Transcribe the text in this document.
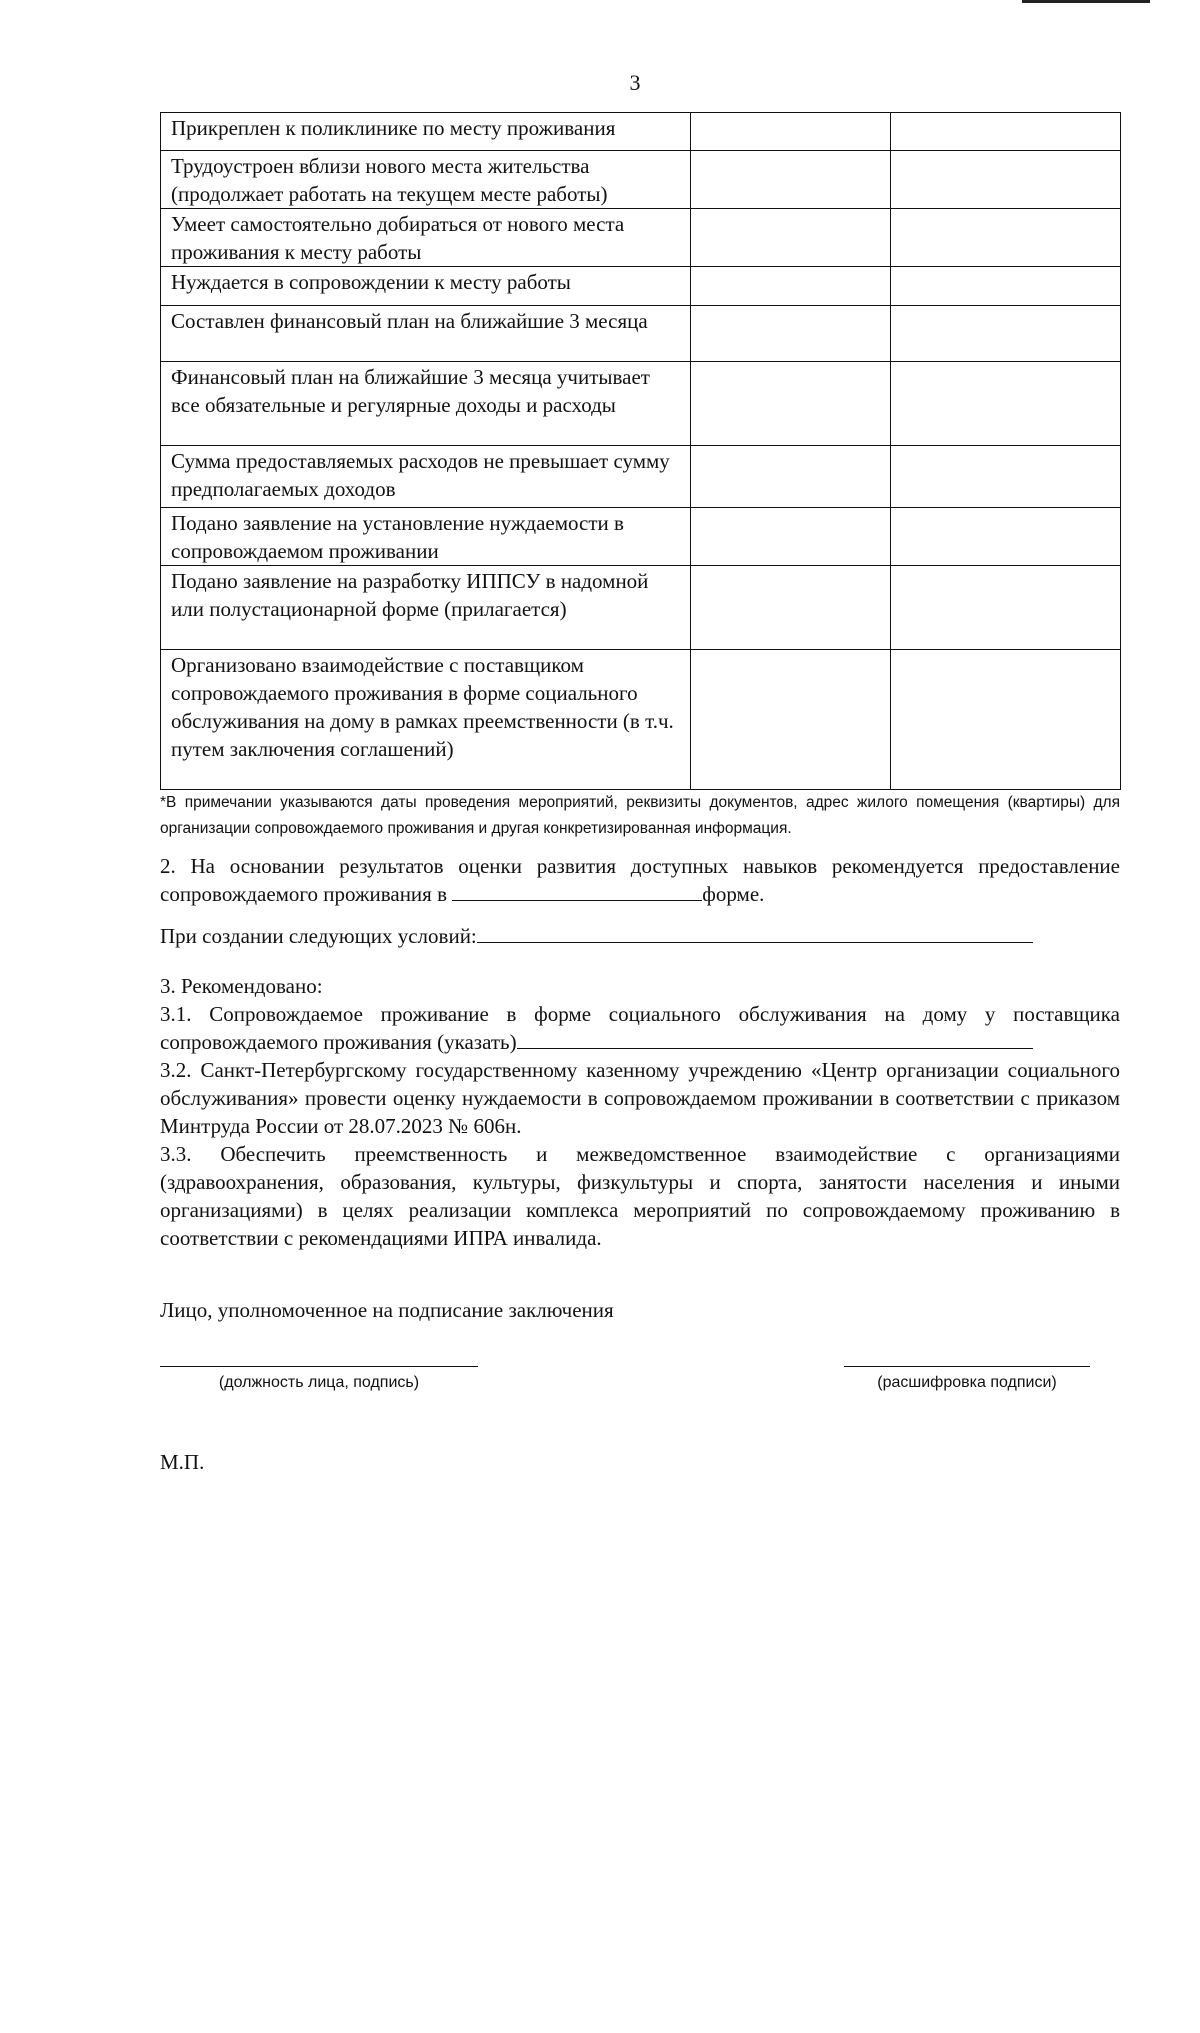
3
Прикреплен к поликлинике по месту проживания		
Трудоустроен вблизи нового места жительства (продолжает работать на текущем месте работы)		
Умеет самостоятельно добираться от нового места проживания к месту работы		
Нуждается в сопровождении к месту работы		
Составлен финансовый план на ближайшие 3 месяца		
Финансовый план на ближайшие 3 месяца учитывает все обязательные и регулярные доходы и расходы		
Сумма предоставляемых расходов не превышает сумму предполагаемых доходов		
Подано заявление на установление нуждаемости в сопровождаемом проживании		
Подано заявление на разработку ИППСУ в надомной или полустационарной форме (прилагается)		
Организовано взаимодействие с поставщиком сопровождаемого проживания в форме социального обслуживания на дому в рамках преемственности (в т.ч. путем заключения соглашений)		
*В примечании указываются даты проведения мероприятий, реквизиты документов, адрес жилого помещения (квартиры) для организации сопровождаемого проживания и другая конкретизированная информация.
2. На основании результатов оценки развития доступных навыков рекомендуется предоставление сопровождаемого проживания в	форме.
При создании следующих условий:
3. Рекомендовано:
3.1. Сопровождаемое проживание в форме социального обслуживания на дому у поставщика сопровождаемого проживания (указать)
3.2. Санкт-Петербургскому государственному казенному учреждению «Центр организации социального обслуживания» провести оценку нуждаемости в сопровождаемом проживании в соответствии с приказом Минтруда России от 28.07.2023 № 606н.
3.3. Обеспечить преемственность и межведомственное взаимодействие с организациями (здравоохранения, образования, культуры, физкультуры и спорта, занятости населения и иными организациями) в целях реализации комплекса мероприятий по сопровождаемому проживанию в соответствии с рекомендациями ИПРА инвалида.
Лицо, уполномоченное на подписание заключения
(должность лица, подпись)	(расшифровка подписи)
М.П.
